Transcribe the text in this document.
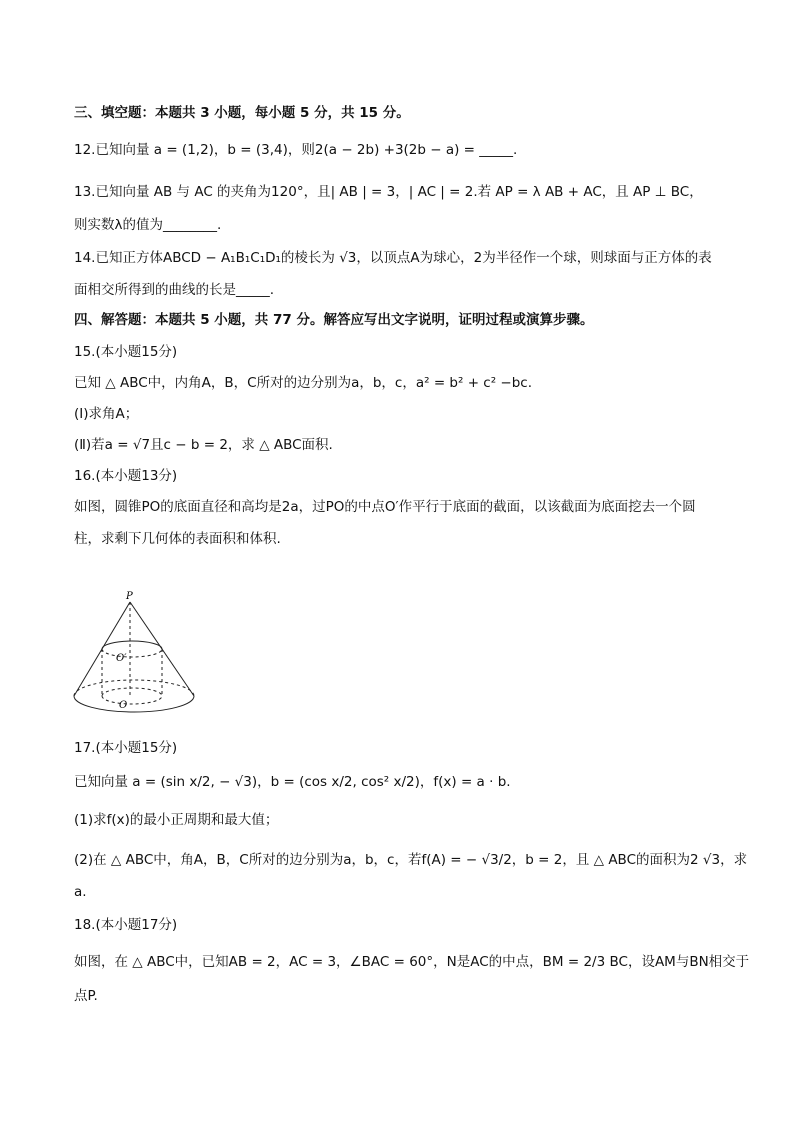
三、填空题：本题共 3 小题，每小题 5 分，共 15 分。
12.已知向量 a = (1,2)，b = (3,4)，则2(a − 2b) +3(2b − a) = _____.
13.已知向量 AB 与 AC 的夹角为120°，且| AB | = 3，| AC | = 2.若 AP = λ AB + AC，且 AP ⊥ BC，
则实数λ的值为________.
14.已知正方体ABCD − A₁B₁C₁D₁的棱长为 √3，以顶点A为球心，2为半径作一个球，则球面与正方体的表
面相交所得到的曲线的长是_____.
四、解答题：本题共 5 小题，共 77 分。解答应写出文字说明，证明过程或演算步骤。
15.(本小题15分)
已知 △ ABC中，内角A，B，C所对的边分别为a，b，c，a² = b² + c² −bc.
(Ⅰ)求角A；
(Ⅱ)若a = √7且c − b = 2，求 △ ABC面积.
16.(本小题13分)
如图，圆锥PO的底面直径和高均是2a，过PO的中点O′作平行于底面的截面，以该截面为底面挖去一个圆
柱，求剩下几何体的表面积和体积.
P
O′
O
17.(本小题15分)
已知向量 a = (sin x/2, − √3)，b = (cos x/2, cos² x/2)，f(x) = a · b.
(1)求f(x)的最小正周期和最大值；
(2)在 △ ABC中，角A，B，C所对的边分别为a，b，c，若f(A) = − √3/2，b = 2，且 △ ABC的面积为2 √3，求
a.
18.(本小题17分)
如图，在 △ ABC中，已知AB = 2，AC = 3，∠BAC = 60°，N是AC的中点，BM = 2/3 BC，设AM与BN相交于
点P.
